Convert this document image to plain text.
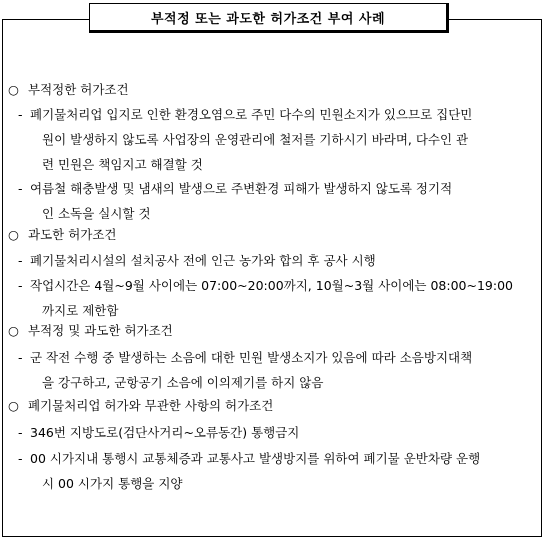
부적정 또는 과도한 허가조건 부여 사례
○ 부적정한 허가조건
- 폐기물처리업 입지로 인한 환경오염으로 주민 다수의 민원소지가 있으므로 집단민
원이 발생하지 않도록 사업장의 운영관리에 철저를 기하시기 바라며, 다수인 관
련 민원은 책임지고 해결할 것
- 여름철 해충발생 및 냄새의 발생으로 주변환경 피해가 발생하지 않도록 정기적
인 소독을 실시할 것
○ 과도한 허가조건
- 폐기물처리시설의 설치공사 전에 인근 농가와 합의 후 공사 시행
- 작업시간은 4월~9월 사이에는 07:00~20:00까지, 10월~3월 사이에는 08:00~19:00
까지로 제한함
○ 부적정 및 과도한 허가조건
- 군 작전 수행 중 발생하는 소음에 대한 민원 발생소지가 있음에 따라 소음방지대책
을 강구하고, 군항공기 소음에 이의제기를 하지 않음
○ 폐기물처리업 허가와 무관한 사항의 허가조건
- 346번 지방도로(검단사거리~오류동간) 통행금지
- 00 시가지내 통행시 교통체증과 교통사고 발생방지를 위하여 폐기물 운반차량 운행
시 00 시가지 통행을 지양
